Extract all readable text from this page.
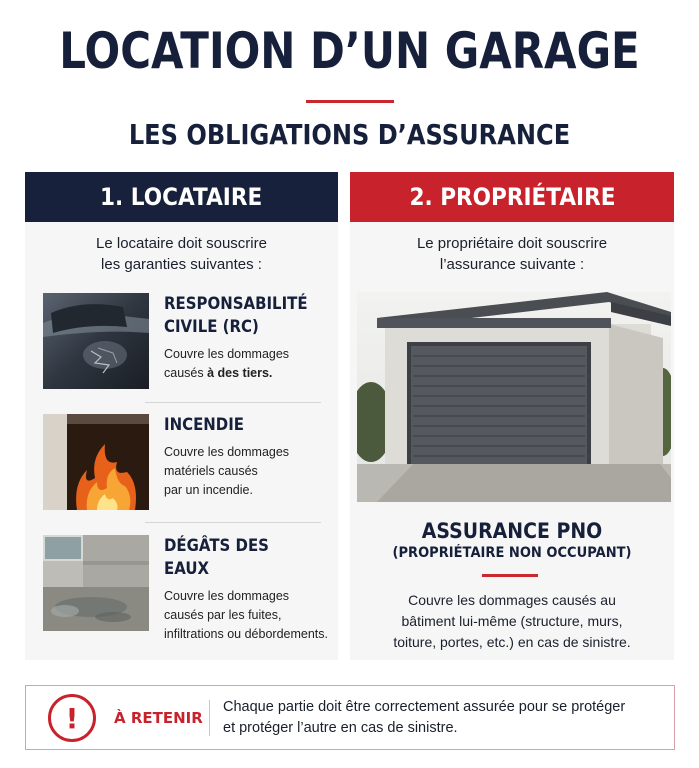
LOCATION D’UN GARAGE
LES OBLIGATIONS D’ASSURANCE
1. LOCATAIRE
Le locataire doit souscrire
les garanties suivantes :
RESPONSABILITÉ
CIVILE (RC)
Couvre les dommages
causés à des tiers.
INCENDIE
Couvre les dommages
matériels causés
par un incendie.
DÉGÂTS DES EAUX
Couvre les dommages
causés par les fuites,
infiltrations ou débordements.
2. PROPRIÉTAIRE
Le propriétaire doit souscrire
l’assurance suivante :
ASSURANCE PNO
(PROPRIÉTAIRE NON OCCUPANT)
Couvre les dommages causés au
bâtiment lui-même (structure, murs,
toiture, portes, etc.) en cas de sinistre.
!	À RETENIR
Chaque partie doit être correctement assurée pour se protéger
et protéger l’autre en cas de sinistre.
